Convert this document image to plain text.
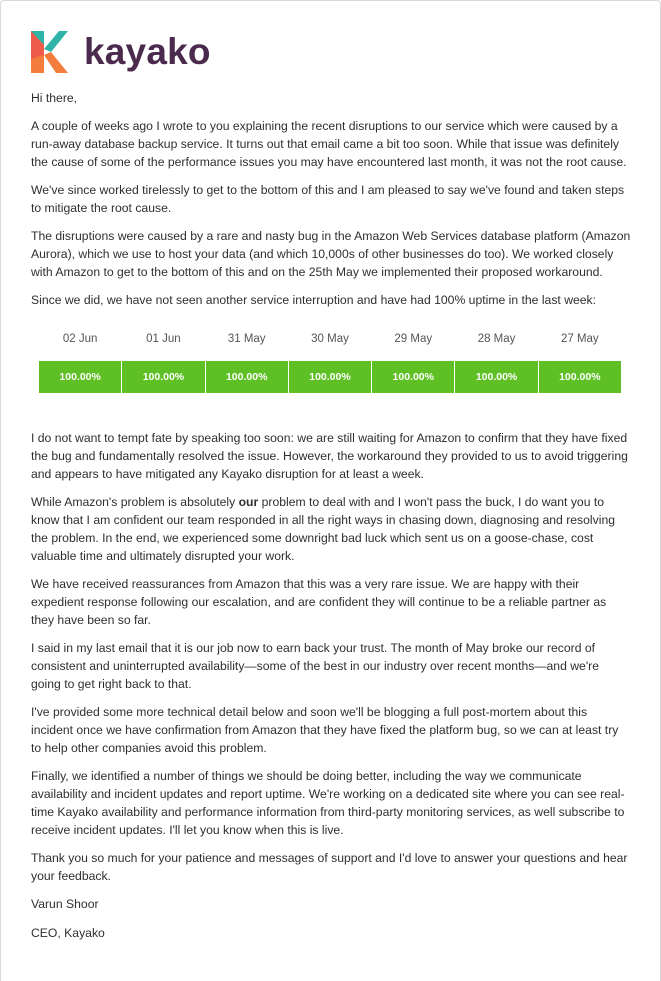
kayako

Hi there,

A couple of weeks ago I wrote to you explaining the recent disruptions to our service which were caused by a run-away database backup service. It turns out that email came a bit too soon. While that issue was definitely the cause of some of the performance issues you may have encountered last month, it was not the root cause.

We've since worked tirelessly to get to the bottom of this and I am pleased to say we've found and taken steps to mitigate the root cause.

The disruptions were caused by a rare and nasty bug in the Amazon Web Services database platform (Amazon Aurora), which we use to host your data (and which 10,000s of other businesses do too). We worked closely with Amazon to get to the bottom of this and on the 25th May we implemented their proposed workaround.

Since we did, we have not seen another service interruption and have had 100% uptime in the last week:

02 Jun
100.00%
01 Jun
100.00%
31 May
100.00%
30 May
100.00%
29 May
100.00%
28 May
100.00%
27 May
100.00%

I do not want to tempt fate by speaking too soon: we are still waiting for Amazon to confirm that they have fixed the bug and fundamentally resolved the issue. However, the workaround they provided to us to avoid triggering and appears to have mitigated any Kayako disruption for at least a week.

While Amazon's problem is absolutely our problem to deal with and I won't pass the buck, I do want you to know that I am confident our team responded in all the right ways in chasing down, diagnosing and resolving the problem. In the end, we experienced some downright bad luck which sent us on a goose-chase, cost valuable time and ultimately disrupted your work.

We have received reassurances from Amazon that this was a very rare issue. We are happy with their expedient response following our escalation, and are confident they will continue to be a reliable partner as they have been so far.

I said in my last email that it is our job now to earn back your trust. The month of May broke our record of consistent and uninterrupted availability—some of the best in our industry over recent months—and we're going to get right back to that.

I've provided some more technical detail below and soon we'll be blogging a full post-mortem about this incident once we have confirmation from Amazon that they have fixed the platform bug, so we can at least try to help other companies avoid this problem.

Finally, we identified a number of things we should be doing better, including the way we communicate availability and incident updates and report uptime. We're working on a dedicated site where you can see real-time Kayako availability and performance information from third-party monitoring services, as well subscribe to receive incident updates. I'll let you know when this is live.

Thank you so much for your patience and messages of support and I'd love to answer your questions and hear your feedback.

Varun Shoor

CEO, Kayako
